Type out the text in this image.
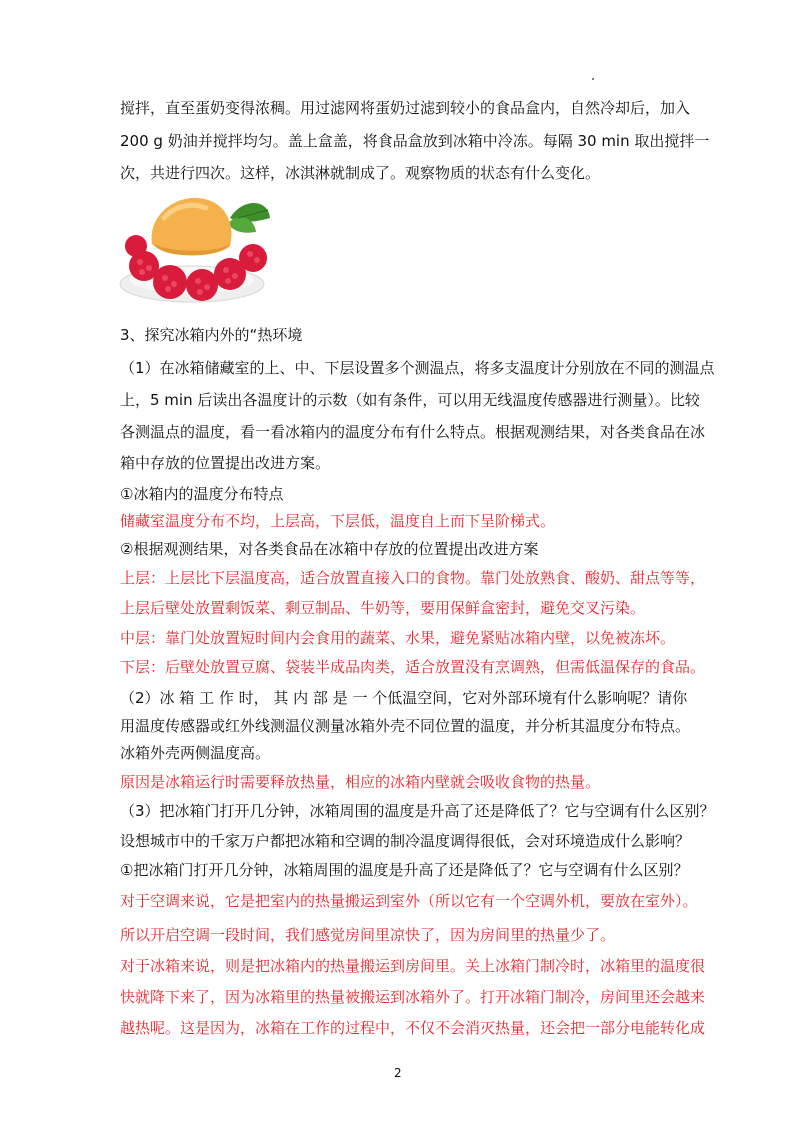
搅拌，直至蛋奶变得浓稠。用过滤网将蛋奶过滤到较小的食品盒内，自然冷却后，加入
200 g 奶油并搅拌均匀。盖上盒盖，将食品盒放到冰箱中冷冻。每隔 30 min 取出搅拌一
次，共进行四次。这样，冰淇淋就制成了。观察物质的状态有什么变化。
3、探究冰箱内外的“热环境
（1）在冰箱储藏室的上、中、下层设置多个测温点，将多支温度计分别放在不同的测温点
上，5 min 后读出各温度计的示数（如有条件，可以用无线温度传感器进行测量）。比较
各测温点的温度，看一看冰箱内的温度分布有什么特点。根据观测结果，对各类食品在冰
箱中存放的位置提出改进方案。
①冰箱内的温度分布特点
储藏室温度分布不均，上层高，下层低，温度自上而下呈阶梯式。
②根据观测结果，对各类食品在冰箱中存放的位置提出改进方案
上层：上层比下层温度高，适合放置直接入口的食物。靠门处放熟食、酸奶、甜点等等，
上层后壁处放置剩饭菜、剩豆制品、牛奶等，要用保鲜盒密封，避免交叉污染。
中层：靠门处放置短时间内会食用的蔬菜、水果，避免紧贴冰箱内壁，以免被冻坏。
下层：后壁处放置豆腐、袋装半成品肉类，适合放置没有烹调熟，但需低温保存的食品。
（2）冰 箱 工 作 时， 其 内 部 是 一 个低温空间，它对外部环境有什么影响呢？请你
用温度传感器或红外线测温仪测量冰箱外壳不同位置的温度，并分析其温度分布特点。
冰箱外壳两侧温度高。
原因是冰箱运行时需要释放热量，相应的冰箱内壁就会吸收食物的热量。
（3）把冰箱门打开几分钟，冰箱周围的温度是升高了还是降低了？它与空调有什么区别？
设想城市中的千家万户都把冰箱和空调的制冷温度调得很低，会对环境造成什么影响？
①把冰箱门打开几分钟，冰箱周围的温度是升高了还是降低了？它与空调有什么区别？
对于空调来说，它是把室内的热量搬运到室外（所以它有一个空调外机，要放在室外）。
所以开启空调一段时间，我们感觉房间里凉快了，因为房间里的热量少了。
对于冰箱来说，则是把冰箱内的热量搬运到房间里。关上冰箱门制冷时，冰箱里的温度很
快就降下来了，因为冰箱里的热量被搬运到冰箱外了。打开冰箱门制冷，房间里还会越来
越热呢。这是因为，冰箱在工作的过程中，不仅不会消灭热量，还会把一部分电能转化成
2
